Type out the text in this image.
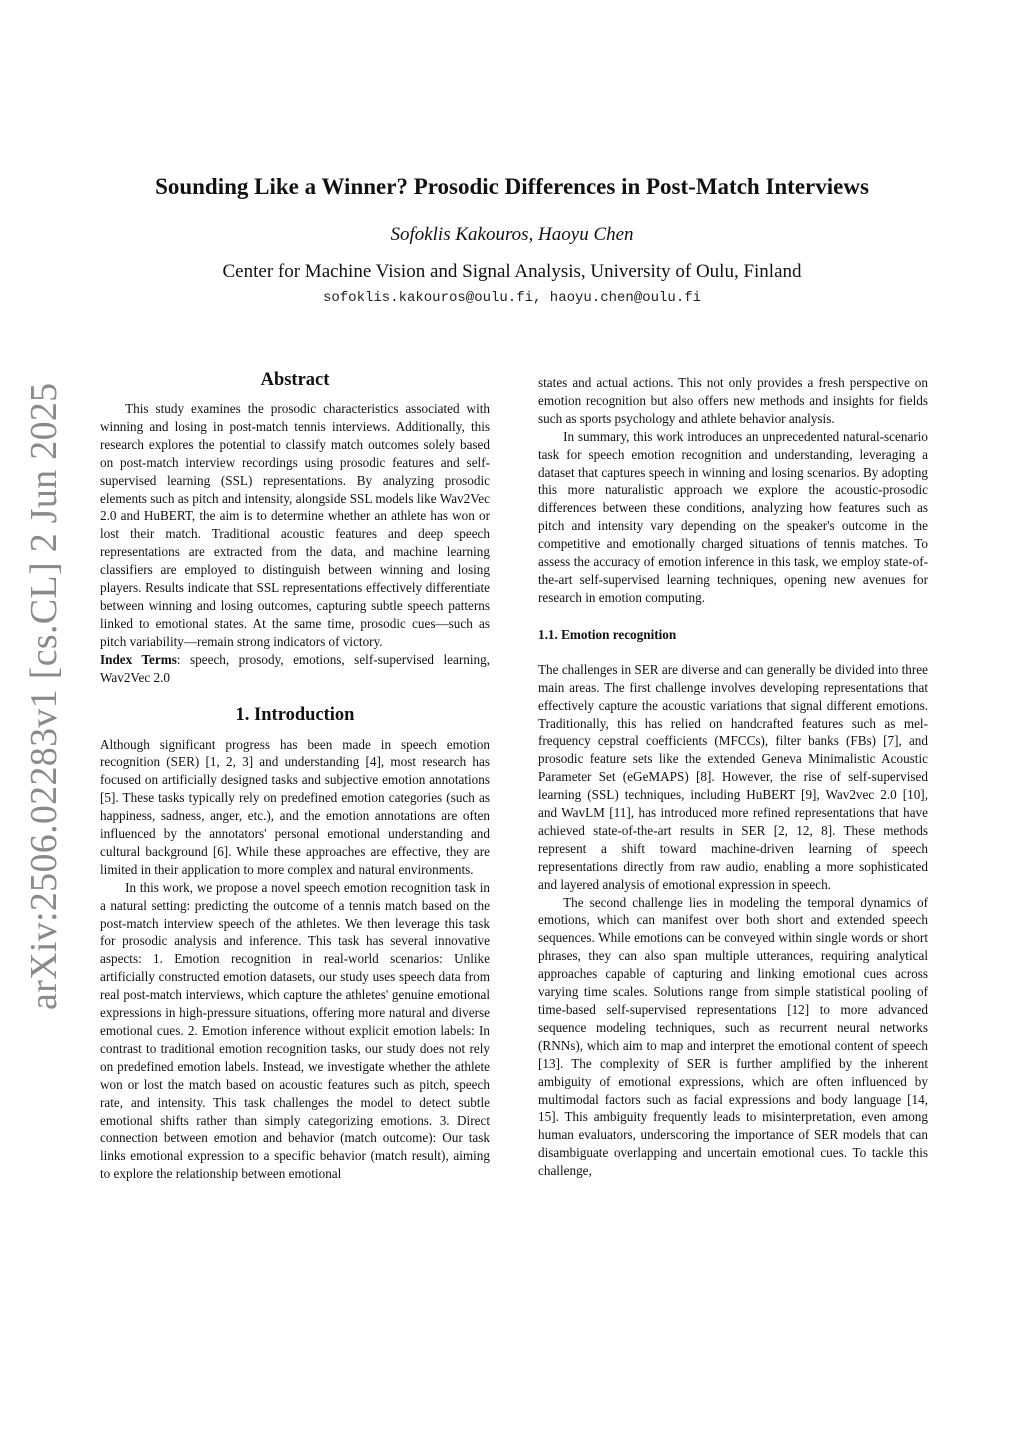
arXiv:2506.02283v1 [cs.CL] 2 Jun 2025
Sounding Like a Winner? Prosodic Differences in Post-Match Interviews
Sofoklis Kakouros, Haoyu Chen
Center for Machine Vision and Signal Analysis, University of Oulu, Finland
sofoklis.kakouros@oulu.fi, haoyu.chen@oulu.fi
Abstract

This study examines the prosodic characteristics associated with winning and losing in post-match tennis interviews. Additionally, this research explores the potential to classify match outcomes solely based on post-match interview recordings using prosodic features and self-supervised learning (SSL) representations. By analyzing prosodic elements such as pitch and intensity, alongside SSL models like Wav2Vec 2.0 and HuBERT, the aim is to determine whether an athlete has won or lost their match. Traditional acoustic features and deep speech representations are extracted from the data, and machine learning classifiers are employed to distinguish between winning and losing players. Results indicate that SSL representations effectively differentiate between winning and losing outcomes, capturing subtle speech patterns linked to emotional states. At the same time, prosodic cues—such as pitch variability—remain strong indicators of victory.

Index Terms: speech, prosody, emotions, self-supervised learning, Wav2Vec 2.0

1. Introduction

Although significant progress has been made in speech emotion recognition (SER) [1, 2, 3] and understanding [4], most research has focused on artificially designed tasks and subjective emotion annotations [5]. These tasks typically rely on predefined emotion categories (such as happiness, sadness, anger, etc.), and the emotion annotations are often influenced by the annotators' personal emotional understanding and cultural background [6]. While these approaches are effective, they are limited in their application to more complex and natural environments.

In this work, we propose a novel speech emotion recognition task in a natural setting: predicting the outcome of a tennis match based on the post-match interview speech of the athletes. We then leverage this task for prosodic analysis and inference. This task has several innovative aspects: 1. Emotion recognition in real-world scenarios: Unlike artificially constructed emotion datasets, our study uses speech data from real post-match interviews, which capture the athletes' genuine emotional expressions in high-pressure situations, offering more natural and diverse emotional cues. 2. Emotion inference without explicit emotion labels: In contrast to traditional emotion recognition tasks, our study does not rely on predefined emotion labels. Instead, we investigate whether the athlete won or lost the match based on acoustic features such as pitch, speech rate, and intensity. This task challenges the model to detect subtle emotional shifts rather than simply categorizing emotions. 3. Direct connection between emotion and behavior (match outcome): Our task links emotional expression to a specific behavior (match result), aiming to explore the relationship between emotional

states and actual actions. This not only provides a fresh perspective on emotion recognition but also offers new methods and insights for fields such as sports psychology and athlete behavior analysis.

In summary, this work introduces an unprecedented natural-scenario task for speech emotion recognition and understanding, leveraging a dataset that captures speech in winning and losing scenarios. By adopting this more naturalistic approach we explore the acoustic-prosodic differences between these conditions, analyzing how features such as pitch and intensity vary depending on the speaker's outcome in the competitive and emotionally charged situations of tennis matches. To assess the accuracy of emotion inference in this task, we employ state-of-the-art self-supervised learning techniques, opening new avenues for research in emotion computing.

1.1. Emotion recognition

The challenges in SER are diverse and can generally be divided into three main areas. The first challenge involves developing representations that effectively capture the acoustic variations that signal different emotions. Traditionally, this has relied on handcrafted features such as mel-frequency cepstral coefficients (MFCCs), filter banks (FBs) [7], and prosodic feature sets like the extended Geneva Minimalistic Acoustic Parameter Set (eGeMAPS) [8]. However, the rise of self-supervised learning (SSL) techniques, including HuBERT [9], Wav2vec 2.0 [10], and WavLM [11], has introduced more refined representations that have achieved state-of-the-art results in SER [2, 12, 8]. These methods represent a shift toward machine-driven learning of speech representations directly from raw audio, enabling a more sophisticated and layered analysis of emotional expression in speech.

The second challenge lies in modeling the temporal dynamics of emotions, which can manifest over both short and extended speech sequences. While emotions can be conveyed within single words or short phrases, they can also span multiple utterances, requiring analytical approaches capable of capturing and linking emotional cues across varying time scales. Solutions range from simple statistical pooling of time-based self-supervised representations [12] to more advanced sequence modeling techniques, such as recurrent neural networks (RNNs), which aim to map and interpret the emotional content of speech [13]. The complexity of SER is further amplified by the inherent ambiguity of emotional expressions, which are often influenced by multimodal factors such as facial expressions and body language [14, 15]. This ambiguity frequently leads to misinterpretation, even among human evaluators, underscoring the importance of SER models that can disambiguate overlapping and uncertain emotional cues. To tackle this challenge,
